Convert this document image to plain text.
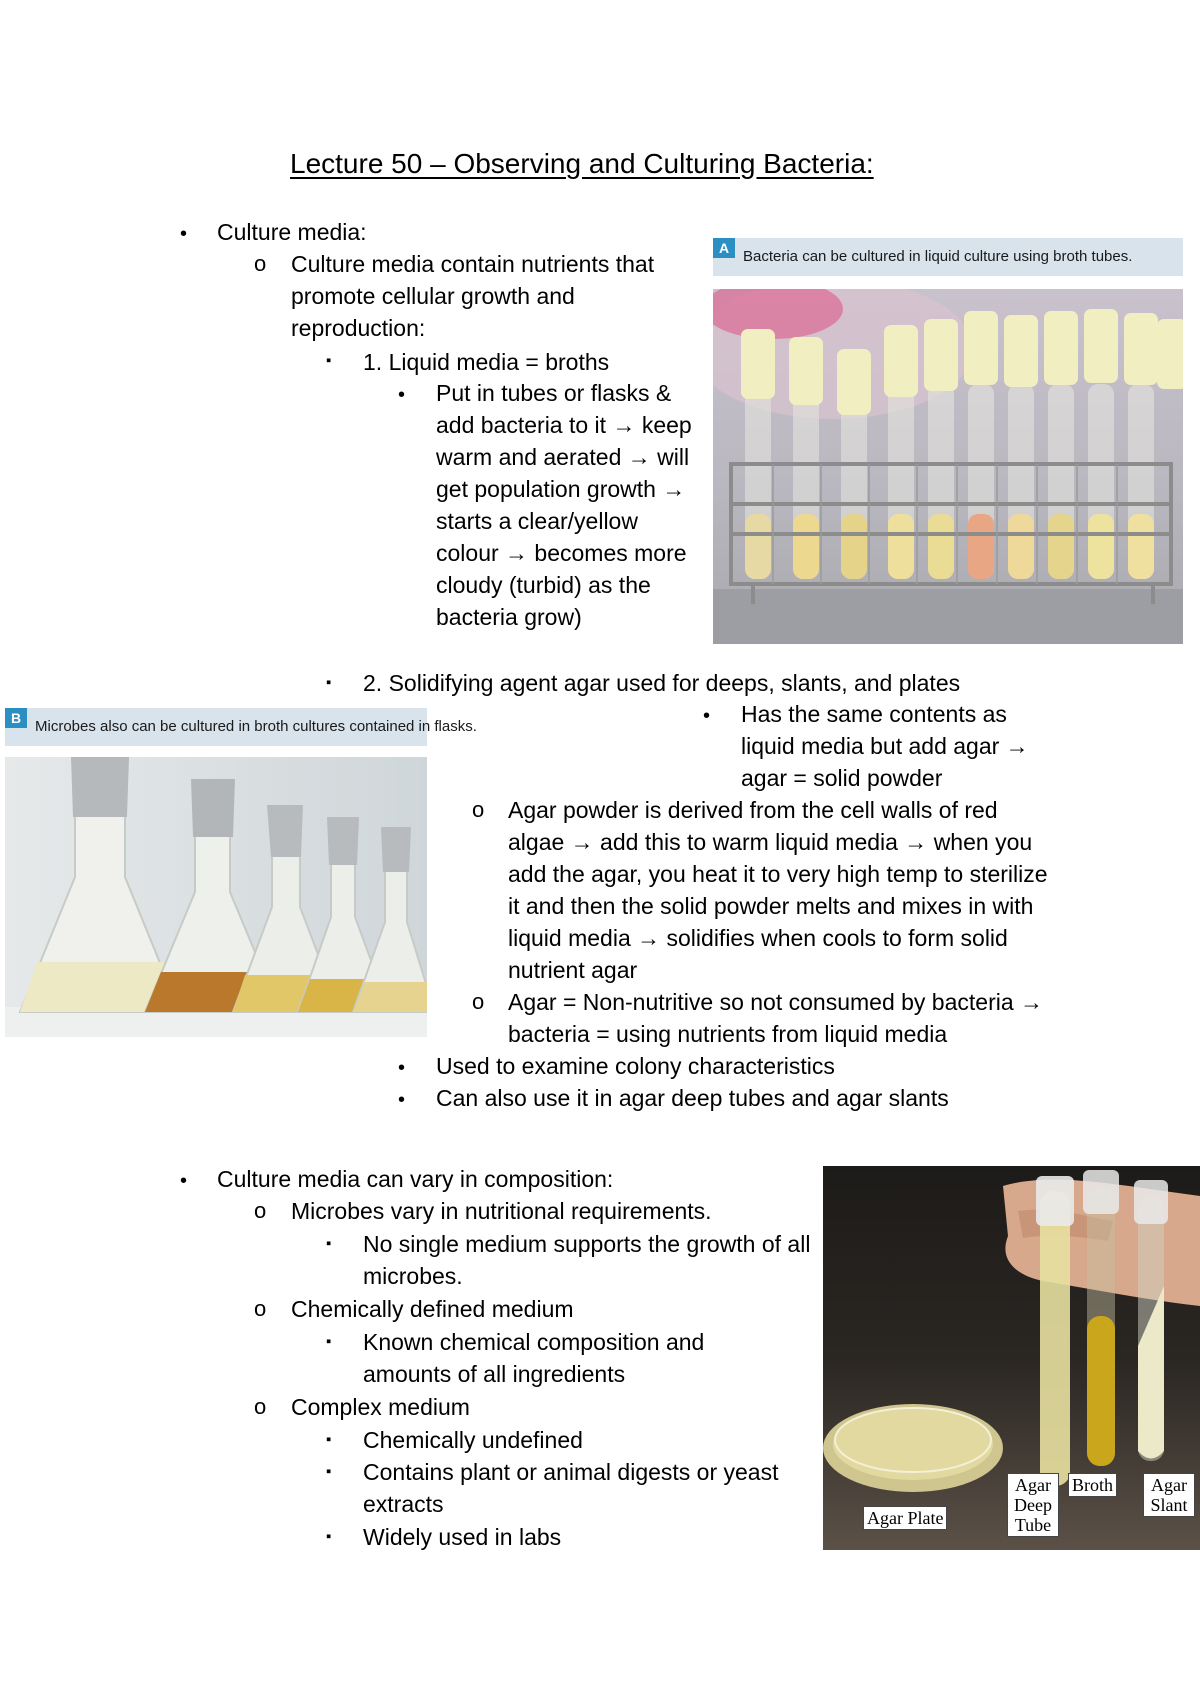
Lecture 50 – Observing and Culturing Bacteria:
• Culture media:
o Culture media contain nutrients that promote cellular growth and reproduction:
▪ 1. Liquid media = broths
• Put in tubes or flasks & add bacteria to it → keep warm and aerated → will get population growth → starts a clear/yellow colour → becomes more cloudy (turbid) as the bacteria grow)
▪ 2. Solidifying agent agar used for deeps, slants, and plates
• Has the same contents as liquid media but add agar → agar = solid powder
o Agar powder is derived from the cell walls of red algae → add this to warm liquid media → when you add the agar, you heat it to very high temp to sterilize it and then the solid powder melts and mixes in with liquid media → solidifies when cools to form solid nutrient agar
o Agar = Non-nutritive so not consumed by bacteria → bacteria = using nutrients from liquid media
• Used to examine colony characteristics
• Can also use it in agar deep tubes and agar slants
• Culture media can vary in composition:
o Microbes vary in nutritional requirements.
▪ No single medium supports the growth of all microbes.
o Chemically defined medium
▪ Known chemical composition and amounts of all ingredients
o Complex medium
▪ Chemically undefined
▪ Contains plant or animal digests or yeast extracts
▪ Widely used in labs
A Bacteria can be cultured in liquid culture using broth tubes.
B Microbes also can be cultured in broth cultures contained in flasks.
Agar Plate
Agar Deep Tube
Broth	Agar Slant
